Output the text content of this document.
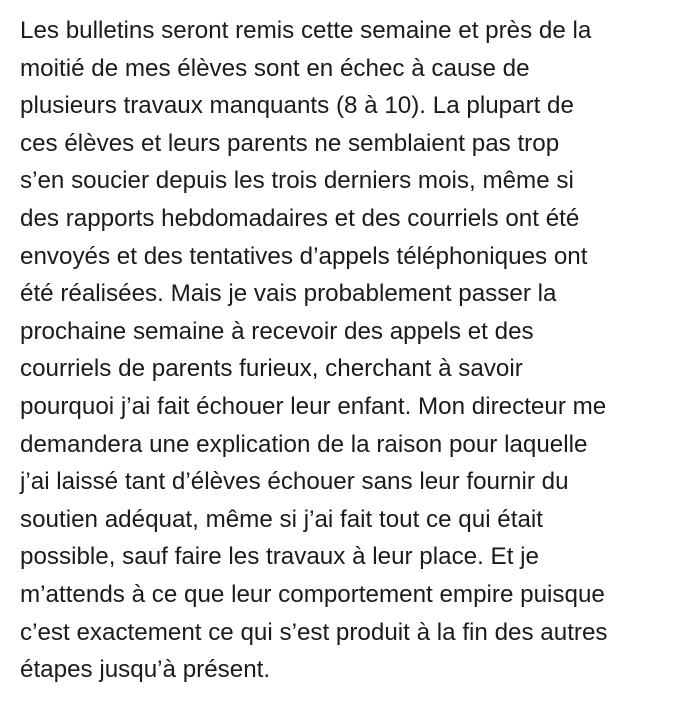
Les bulletins seront remis cette semaine et près de la
moitié de mes élèves sont en échec à cause de
plusieurs travaux manquants (8 à 10). La plupart de
ces élèves et leurs parents ne semblaient pas trop
s’en soucier depuis les trois derniers mois, même si
des rapports hebdomadaires et des courriels ont été
envoyés et des tentatives d’appels téléphoniques ont
été réalisées. Mais je vais probablement passer la
prochaine semaine à recevoir des appels et des
courriels de parents furieux, cherchant à savoir
pourquoi j’ai fait échouer leur enfant. Mon directeur me
demandera une explication de la raison pour laquelle
j’ai laissé tant d’élèves échouer sans leur fournir du
soutien adéquat, même si j’ai fait tout ce qui était
possible, sauf faire les travaux à leur place. Et je
m’attends à ce que leur comportement empire puisque
c’est exactement ce qui s’est produit à la fin des autres
étapes jusqu’à présent.
